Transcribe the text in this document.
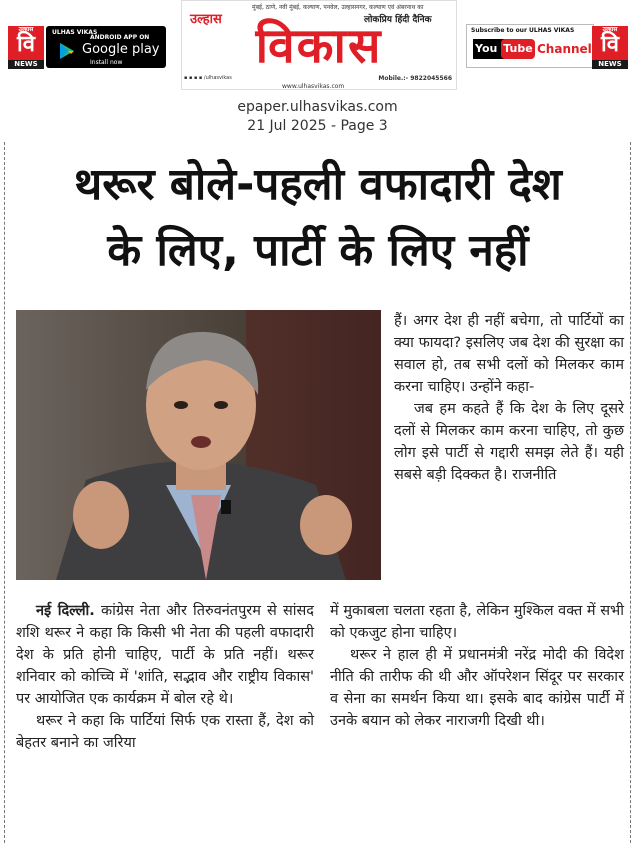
उल्हास
वि
NEWS
ULHAS VIKAS
ANDROID APP ON
Google play
Install now
उल्हास
मुंबई, ठाणे, नवी मुंबई, कल्याण, पनवेल, उल्हासनगर, कल्याण एवं अंबरनाथ का
लोकप्रिय हिंदी दैनिक
विकास
▪ ▪ ▪ ▪ /ulhasvikas	Mobile.:- 9822045566
www.ulhasvikas.com
Subscribe to our ULHAS VIKAS
You Tube Channel
उल्हास
वि
NEWS
epaper.ulhasvikas.com
21 Jul 2025 - Page 3
थरूर बोले-पहली वफादारी देश
के लिए, पार्टी के लिए नहीं

हैं। अगर देश ही नहीं बचेगा, तो पार्टियों का क्या फायदा? इसलिए जब देश की सुरक्षा का सवाल हो, तब सभी दलों को मिलकर काम करना चाहिए। उन्होंने कहा-

जब हम कहते हैं कि देश के लिए दूसरे दलों से मिलकर काम करना चाहिए, तो कुछ लोग इसे पार्टी से गद्दारी समझ लेते हैं। यही सबसे बड़ी दिक्कत है। राजनीति

नई दिल्ली. कांग्रेस नेता और तिरुवनंतपुरम से सांसद शशि थरूर ने कहा कि किसी भी नेता की पहली वफादारी देश के प्रति होनी चाहिए, पार्टी के प्रति नहीं। थरूर शनिवार को कोच्चि में 'शांति, सद्भाव और राष्ट्रीय विकास' पर आयोजित एक कार्यक्रम में बोल रहे थे।

थरूर ने कहा कि पार्टियां सिर्फ एक रास्ता हैं, देश को बेहतर बनाने का जरिया

में मुकाबला चलता रहता है, लेकिन मुश्किल वक्त में सभी को एकजुट होना चाहिए।

थरूर ने हाल ही में प्रधानमंत्री नरेंद्र मोदी की विदेश नीति की तारीफ की थी और ऑपरेशन सिंदूर पर सरकार व सेना का समर्थन किया था। इसके बाद कांग्रेस पार्टी में उनके बयान को लेकर नाराजगी दिखी थी।
